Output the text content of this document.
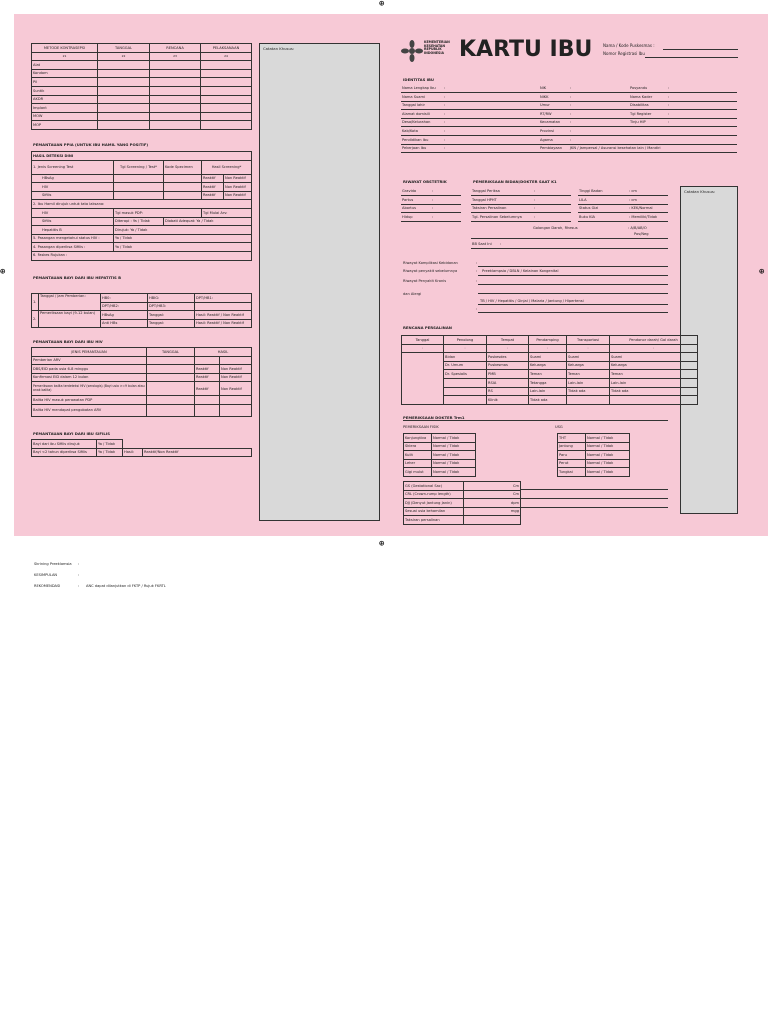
⊕
⊕
⊕	⊕
METODE KONTRASEPSI	TANGGAL	RENCANA	PELAKSANAAN
21	22	23	24
Alat			
Kondom			
Pil			
Suntik			
AKDR			
Implant			
MOW			
MOP			
PEMANTAUAN PPIA (UNTUK IBU HAMIL YANG POSITIF)
HASIL DETEKSI DINI				
1. Jenis Screening Test	Tgl Screening / Test*	Kode Specimen	Hasil Screening*	
HBsAg			Reaktif	Non Reaktif
HIV			Reaktif	Non Reaktif
Sifilis			Reaktif	Non Reaktif
2. Ibu Hamil dirujuk untuk tata laksana:				
HIV	Tgl masuk PDP:		Tgl Mulai Arv:	
Sifilis	Diterapi : Ya / Tidak	Diobati Adequat: Ya / Tidak		
Hepatitis B	Dirujuk: Ya / Tidak			
5. Pasangan mengetahui status HIV :	Ya / Tidak			
4. Pasangan diperiksa Sifilis :	Ya / Tidak			
6. Faskes Rujukan :				
PEMANTAUAN BAYI DARI IBU HEPATITIS B
1.	Tanggal / Jam Pemberian:	HB0:	HBIG:	DPT/HB1:
		DPT/HB2:	DPT/HB3:	
2.	Pemeriksaan bayi (9-12 bulan)	HBsAg	Tanggal:	Hasil: Reaktif / Non Reaktif
		Anti HBs	Tanggal:	Hasil: Reaktif / Non Reaktif
PEMANTAUAN BAYI DARI IBU HIV
JENIS PEMANTAUAN	TANGGAL	HASIL	
Pemberian ARV			
DBS/EID pada usia 6-8 minggu		Reaktif	Non Reaktif
Konfirmasi EID dalam 12 bulan		Reaktif	Non Reaktif
Pemeriksaan balita terdeteksi HIV (serologis) (Bayi usia >=9 bulan atau anak balita)		Reaktif	Non Reaktif
Balita HIV masuk perawatan PDP			
Balita HIV mendapat pengobatan ARV			
PEMANTAUAN BAYI DARI IBU SIFILIS
Bayi dari ibu Sifilis dirujuk	Ya / Tidak		
Bayi <2 tahun diperiksa Sifilis	Ya / Tidak	Hasil:	Reaktif/Non Reaktif
Catatan Khusus:
KEMENTERIAN KESEHATAN REPUBLIK INDONESIA KARTU IBU	Nama / Kode Puskesmas :
Nomor Registrasi Ibu
IDENTITAS IBU
Nama Lengkap Ibu	:	NIK	:	Posyandu	:
Nama Suami	:	NIKK	:	Nama Kader	:
Tanggal lahir	:	Umur	:	Disabilitas	:
Alamat domisili	:	RT/RW	:	Tgl Register	:
Desa/Kelurahan	:	Kecamatan	:	Tinju HIP	:
Kab/Kota	:	Provinsi	:		
Pendidikan Ibu	:	Agama	:		
Pekerjaan Ibu	:	Pembiayaan	JKN / Jampersal / Asuransi kesehatan lain / Mandiri		
RIWAYAT OBSTETRIK
Gravida	:
Partus	:
Abortus	:
Hidup	:
PEMERIKSAAN BIDAN/DOKTER SAAT K1
Tanggal Periksa	:
Tanggal HPHT	:
Taksiran Persalinan	:
Tgl. Persalinan Sebelumnya	:
Tinggi Badan	: cm
LILA	: cm
Status Gizi	: KEK/Normal
Buku KIA	: Memiliki/Tidak
Golongan Darah, Rhesus	: A/B/AB/O
Pos/Neg
BB Saat Ini :
Catatan Khusus:
Riwayat Komplikasi Kebidanan	:
Riwayat penyakit sebelumnya	: Preeklampsia / DBLN / Kelainan Kongenital
Riwayat Penyakit Kronis	:
dan Alergi
TB / HIV / Hepatitis / Ginjal / Malaria / Jantung / Hipertensi
:
RENCANA PERSALINAN
Tanggal	Penolong	Tempat	Pendamping	Transportasi	Pendonor darah/ Gol darah
:	:	:	:	:	:
	Bidan	Poskesdes	Suami	Suami	Suami
	Dr. Umum	Puskesmas	Keluarga	Keluarga	Keluarga
	Dr. Spesialis	PMB	Teman	Teman	Teman
		RSIA	Tetangga	Lain-lain	Lain-lain
		RS	Lain-lain	Tidak ada	Tidak ada
		Klinik	Tidak ada		
PEMERIKSAAN DOKTER Trm1
PEMERIKSAAN FISIK	USG
Konjungtiva	Normal / Tidak
Sklera	Normal / Tidak
Kulit	Normal / Tidak
Leher	Normal / Tidak
Gigi mulut	Normal / Tidak
THT	Normal / Tidak
Jantung	Normal / Tidak
Paru	Normal / Tidak
Perut	Normal / Tidak
Tungkai	Normal / Tidak
GS (Gestational Sac)	Cm
CRL (Crown-rump length)	Cm
DJJ (Denyut Jantung Janin)	dpm
Sesuai usia kehamilan	mgg
Taksiran persalinan	
Skrining Preeklamsia :
KESIMPULAN	:
REKOMENDASI	: ANC dapat dilanjutkan di FKTP / Rujuk FKRTL
